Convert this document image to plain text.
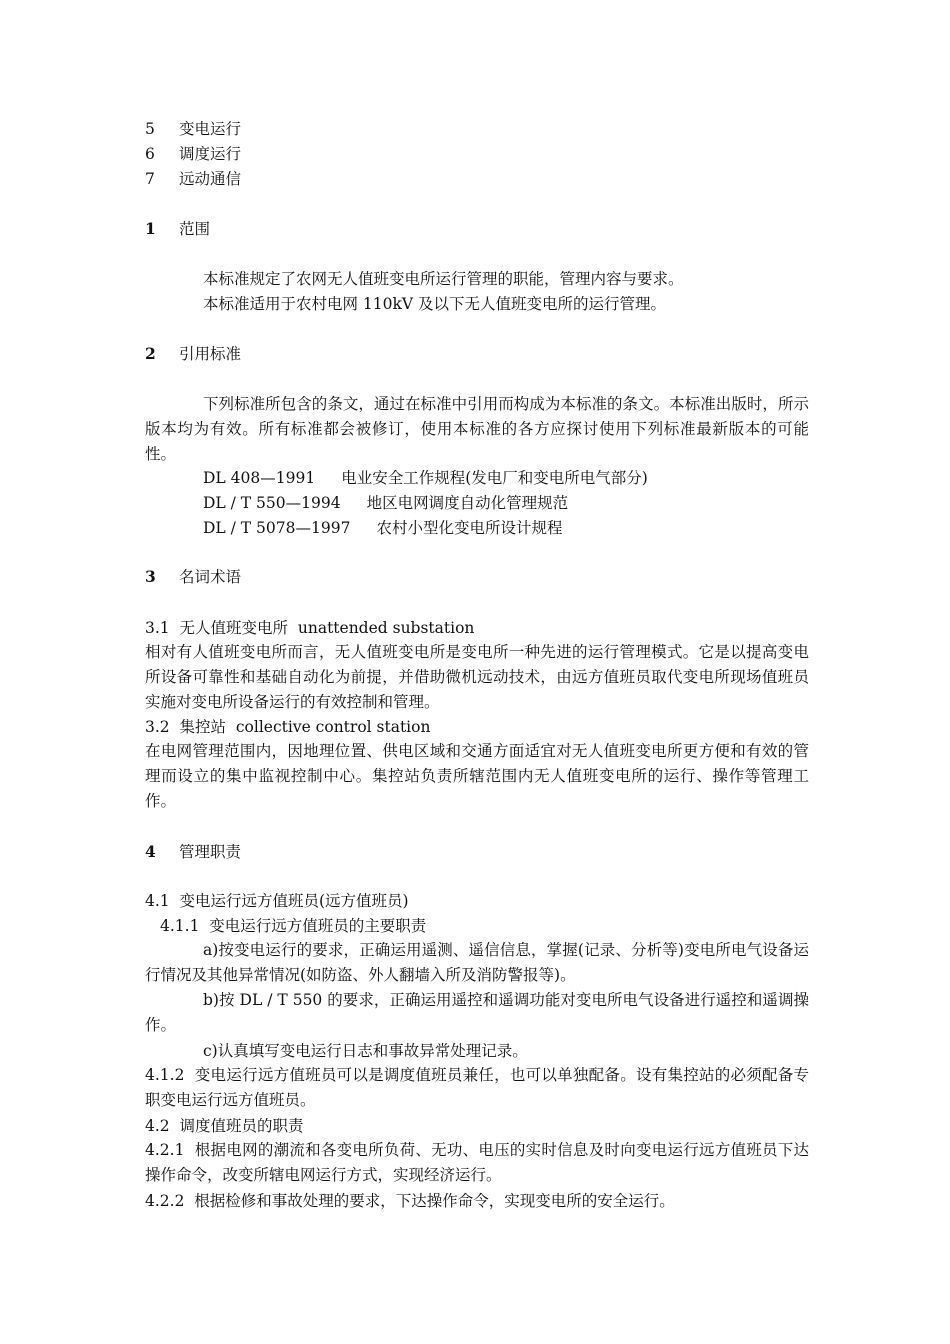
5 变电运行
6 调度运行
7 远动通信
1 范围
本标准规定了农网无人值班变电所运行管理的职能，管理内容与要求。
本标准适用于农村电网 110kV 及以下无人值班变电所的运行管理。
2 引用标准
下列标准所包含的条文，通过在标准中引用而构成为本标准的条文。本标准出版时，所示版本均为有效。所有标准都会被修订，使用本标准的各方应探讨使用下列标准最新版本的可能性。
DL 408—1991 电业安全工作规程(发电厂和变电所电气部分)
DL / T 550—1994 地区电网调度自动化管理规范
DL / T 5078—1997 农村小型化变电所设计规程
3 名词术语
3.1  无人值班变电所  unattended substation
相对有人值班变电所而言，无人值班变电所是变电所一种先进的运行管理模式。它是以提高变电所设备可靠性和基础自动化为前提，并借助微机远动技术，由远方值班员取代变电所现场值班员实施对变电所设备运行的有效控制和管理。
3.2  集控站  collective control station
在电网管理范围内，因地理位置、供电区域和交通方面适宜对无人值班变电所更方便和有效的管理而设立的集中监视控制中心。集控站负责所辖范围内无人值班变电所的运行、操作等管理工作。
4 管理职责
4.1  变电运行远方值班员(远方值班员)
4.1.1  变电运行远方值班员的主要职责
a)按变电运行的要求，正确运用遥测、遥信信息，掌握(记录、分析等)变电所电气设备运行情况及其他异常情况(如防盗、外人翻墙入所及消防警报等)。
b)按 DL / T 550 的要求，正确运用遥控和遥调功能对变电所电气设备进行遥控和遥调操作。
c)认真填写变电运行日志和事故异常处理记录。
4.1.2  变电运行远方值班员可以是调度值班员兼任，也可以单独配备。设有集控站的必须配备专职变电运行远方值班员。
4.2  调度值班员的职责
4.2.1  根据电网的潮流和各变电所负荷、无功、电压的实时信息及时向变电运行远方值班员下达操作命令，改变所辖电网运行方式，实现经济运行。
4.2.2  根据检修和事故处理的要求，下达操作命令，实现变电所的安全运行。
